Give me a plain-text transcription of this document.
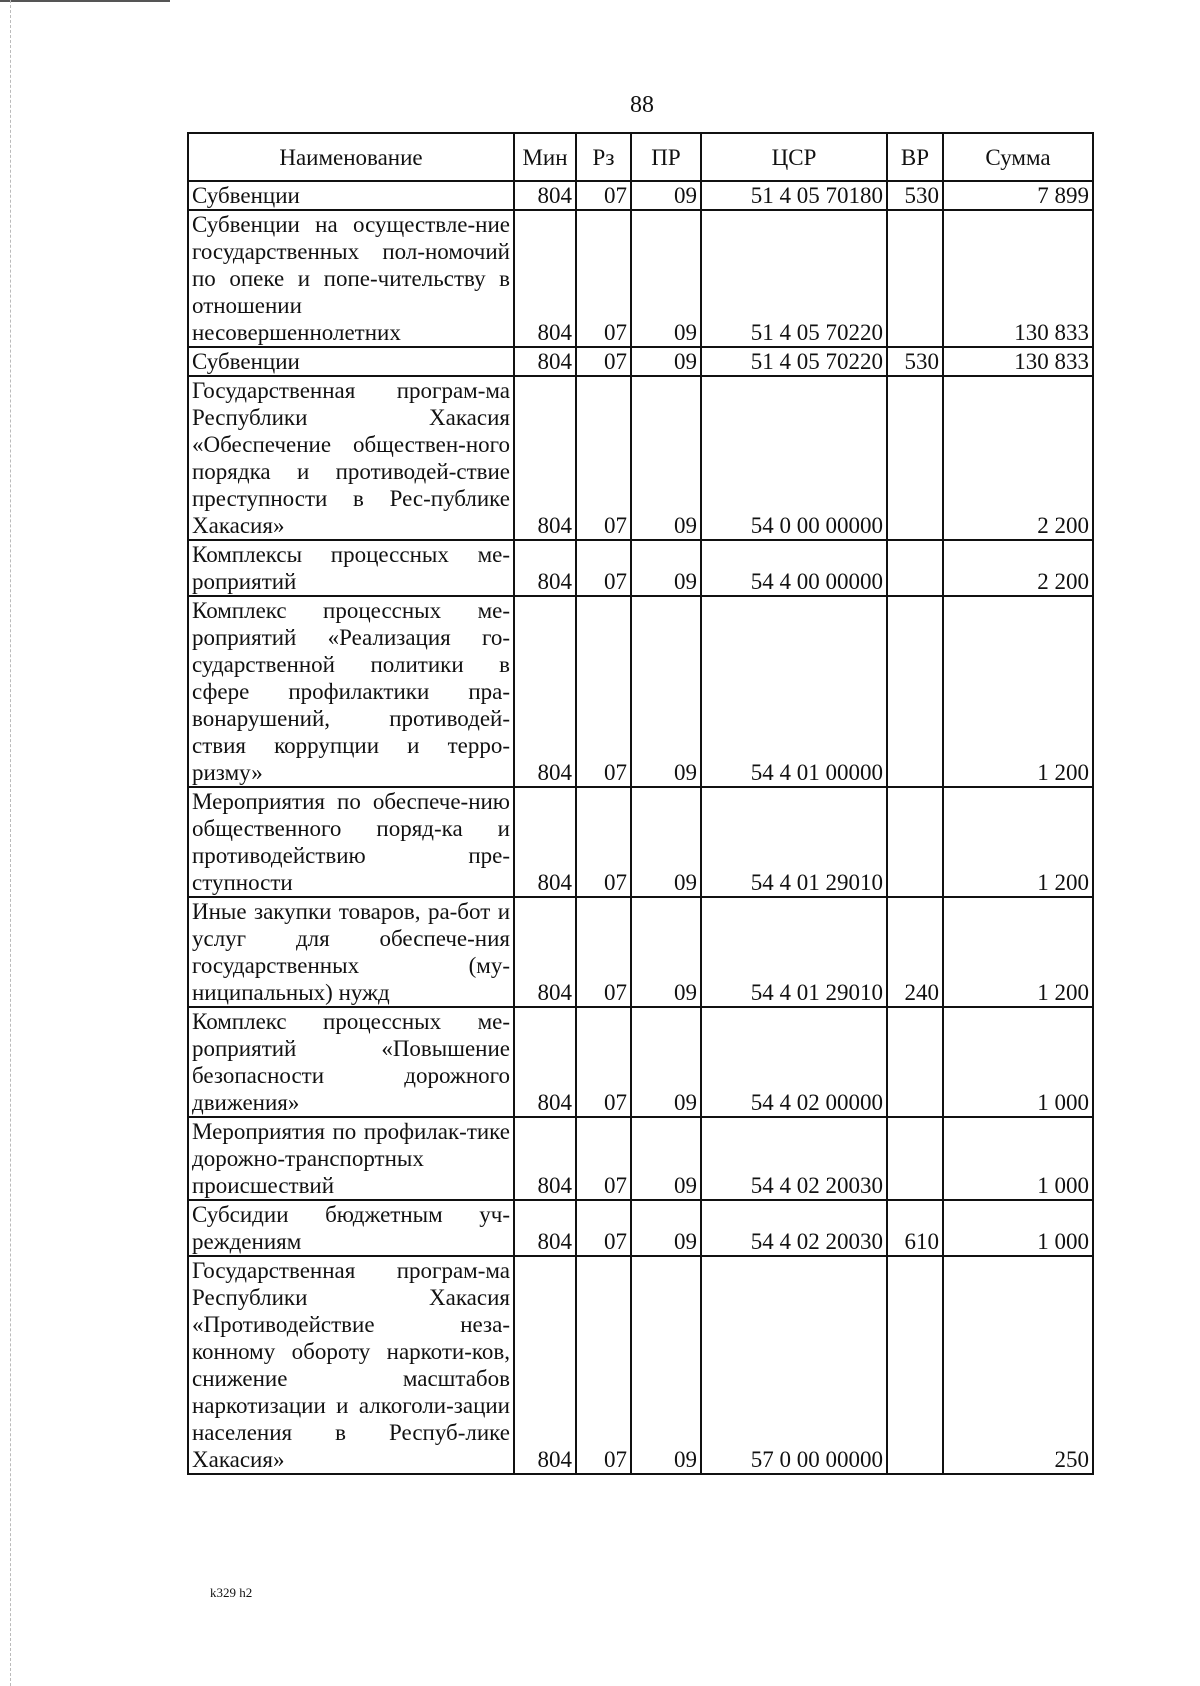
88
Наименование	Мин	Рз	ПР	ЦСР	ВР	Сумма
Субвенции	804	07	09	51 4 05 70180	530	7 899
Субвенции на осуществле-ние государственных пол-номочий по опеке и попе-чительству в отношении несовершеннолетних	804	07	09	51 4 05 70220		130 833
Субвенции	804	07	09	51 4 05 70220	530	130 833
Государственная програм-ма Республики Хакасия «Обеспечение обществен-ного порядка и противодей-ствие преступности в Рес-публике Хакасия»	804	07	09	54 0 00 00000		2 200
Комплексы процессных ме-роприятий	804	07	09	54 4 00 00000		2 200
Комплекс процессных ме-роприятий «Реализация го-сударственной политики в сфере профилактики пра-вонарушений, противодей-ствия коррупции и терро-ризму»	804	07	09	54 4 01 00000		1 200
Мероприятия по обеспече-нию общественного поряд-ка и противодействию пре-ступности	804	07	09	54 4 01 29010		1 200
Иные закупки товаров, ра-бот и услуг для обеспече-ния государственных (му-ниципальных) нужд	804	07	09	54 4 01 29010	240	1 200
Комплекс процессных ме-роприятий «Повышение безопасности дорожного движения»	804	07	09	54 4 02 00000		1 000
Мероприятия по профилак-тике дорожно-транспортных происшествий	804	07	09	54 4 02 20030		1 000
Субсидии бюджетным уч-реждениям	804	07	09	54 4 02 20030	610	1 000
Государственная програм-ма Республики Хакасия «Противодействие неза-конному обороту наркоти-ков, снижение масштабов наркотизации и алкоголи-зации населения в Респуб-лике Хакасия»	804	07	09	57 0 00 00000		250
k329 h2
